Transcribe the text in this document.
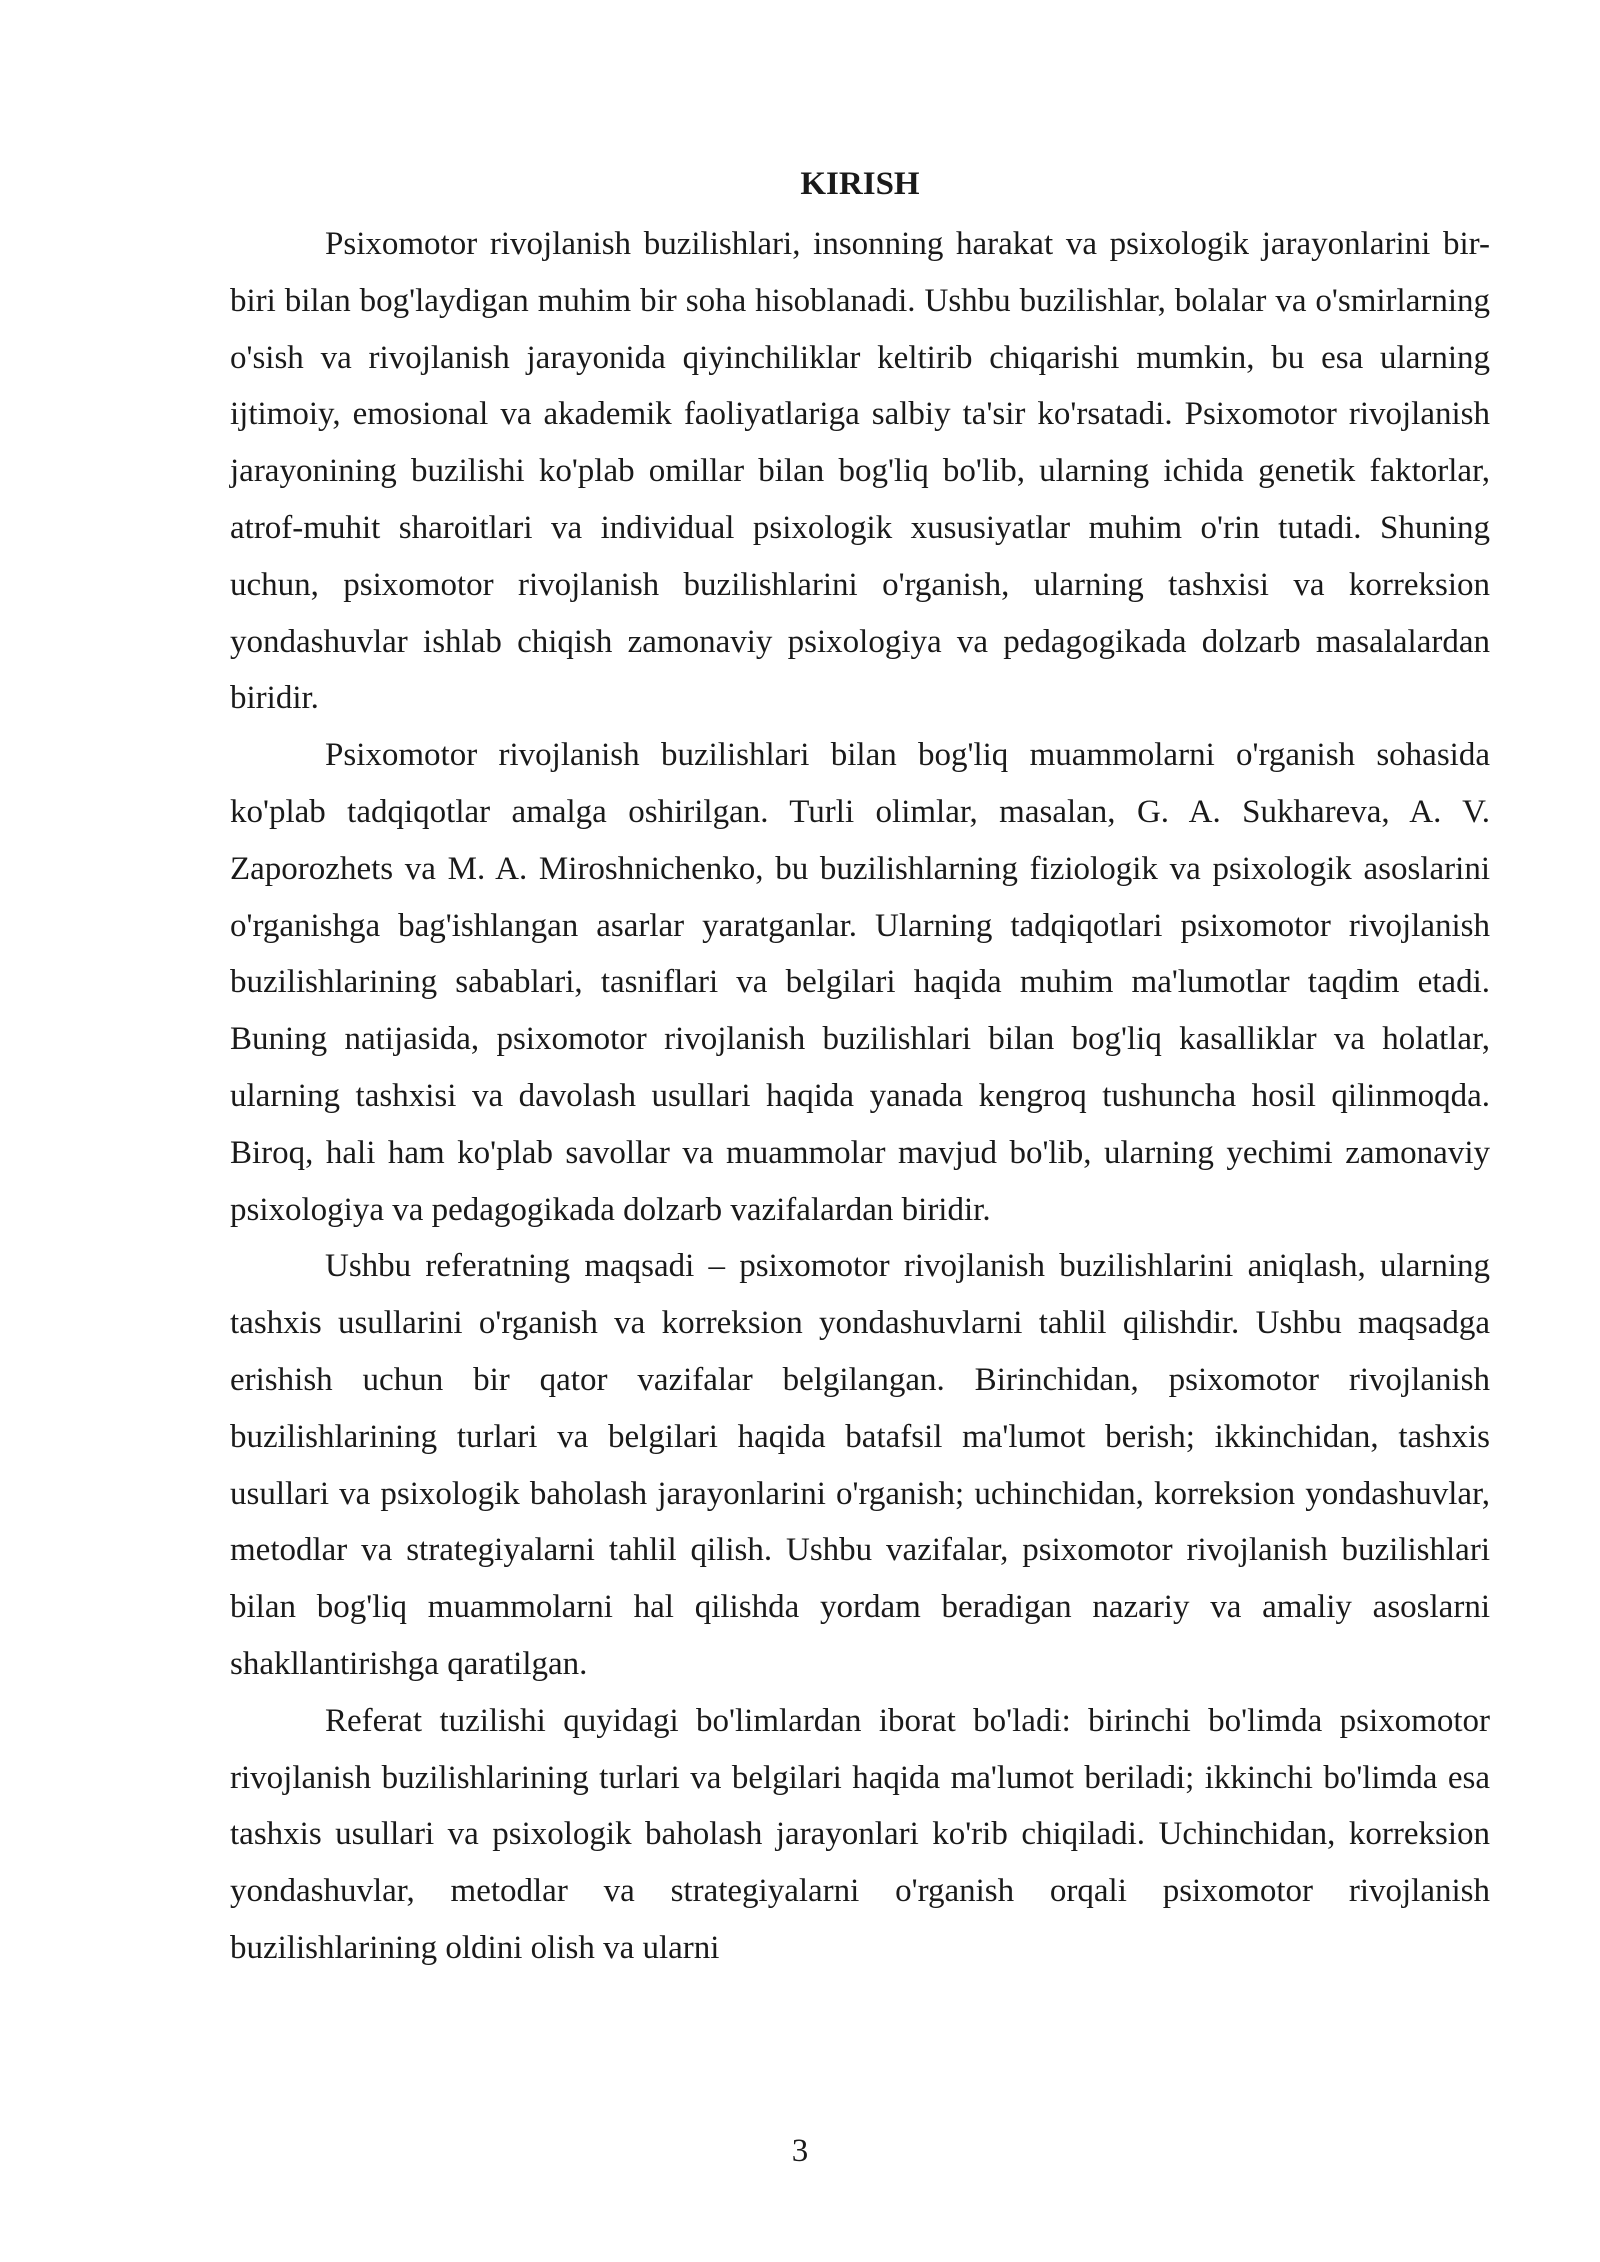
KIRISH

Psixomotor rivojlanish buzilishlari, insonning harakat va psixologik jarayonlarini bir-biri bilan bog'laydigan muhim bir soha hisoblanadi. Ushbu buzilishlar, bolalar va o'smirlarning o'sish va rivojlanish jarayonida qiyinchiliklar keltirib chiqarishi mumkin, bu esa ularning ijtimoiy, emosional va akademik faoliyatlariga salbiy ta'sir ko'rsatadi. Psixomotor rivojlanish jarayonining buzilishi ko'plab omillar bilan bog'liq bo'lib, ularning ichida genetik faktorlar, atrof-muhit sharoitlari va individual psixologik xususiyatlar muhim o'rin tutadi. Shuning uchun, psixomotor rivojlanish buzilishlarini o'rganish, ularning tashxisi va korreksion yondashuvlar ishlab chiqish zamonaviy psixologiya va pedagogikada dolzarb masalalardan biridir.

Psixomotor rivojlanish buzilishlari bilan bog'liq muammolarni o'rganish sohasida ko'plab tadqiqotlar amalga oshirilgan. Turli olimlar, masalan, G. A. Sukhareva, A. V. Zaporozhets va M. A. Miroshnichenko, bu buzilishlarning fiziologik va psixologik asoslarini o'rganishga bag'ishlangan asarlar yaratganlar. Ularning tadqiqotlari psixomotor rivojlanish buzilishlarining sabablari, tasniflari va belgilari haqida muhim ma'lumotlar taqdim etadi. Buning natijasida, psixomotor rivojlanish buzilishlari bilan bog'liq kasalliklar va holatlar, ularning tashxisi va davolash usullari haqida yanada kengroq tushuncha hosil qilinmoqda. Biroq, hali ham ko'plab savollar va muammolar mavjud bo'lib, ularning yechimi zamonaviy psixologiya va pedagogikada dolzarb vazifalardan biridir.

Ushbu referatning maqsadi – psixomotor rivojlanish buzilishlarini aniqlash, ularning tashxis usullarini o'rganish va korreksion yondashuvlarni tahlil qilishdir. Ushbu maqsadga erishish uchun bir qator vazifalar belgilangan. Birinchidan, psixomotor rivojlanish buzilishlarining turlari va belgilari haqida batafsil ma'lumot berish; ikkinchidan, tashxis usullari va psixologik baholash jarayonlarini o'rganish; uchinchidan, korreksion yondashuvlar, metodlar va strategiyalarni tahlil qilish. Ushbu vazifalar, psixomotor rivojlanish buzilishlari bilan bog'liq muammolarni hal qilishda yordam beradigan nazariy va amaliy asoslarni shakllantirishga qaratilgan.

Referat tuzilishi quyidagi bo'limlardan iborat bo'ladi: birinchi bo'limda psixomotor rivojlanish buzilishlarining turlari va belgilari haqida ma'lumot beriladi; ikkinchi bo'limda esa tashxis usullari va psixologik baholash jarayonlari ko'rib chiqiladi. Uchinchidan, korreksion yondashuvlar, metodlar va strategiyalarni o'rganish orqali psixomotor rivojlanish buzilishlarining oldini olish va ularni

3
